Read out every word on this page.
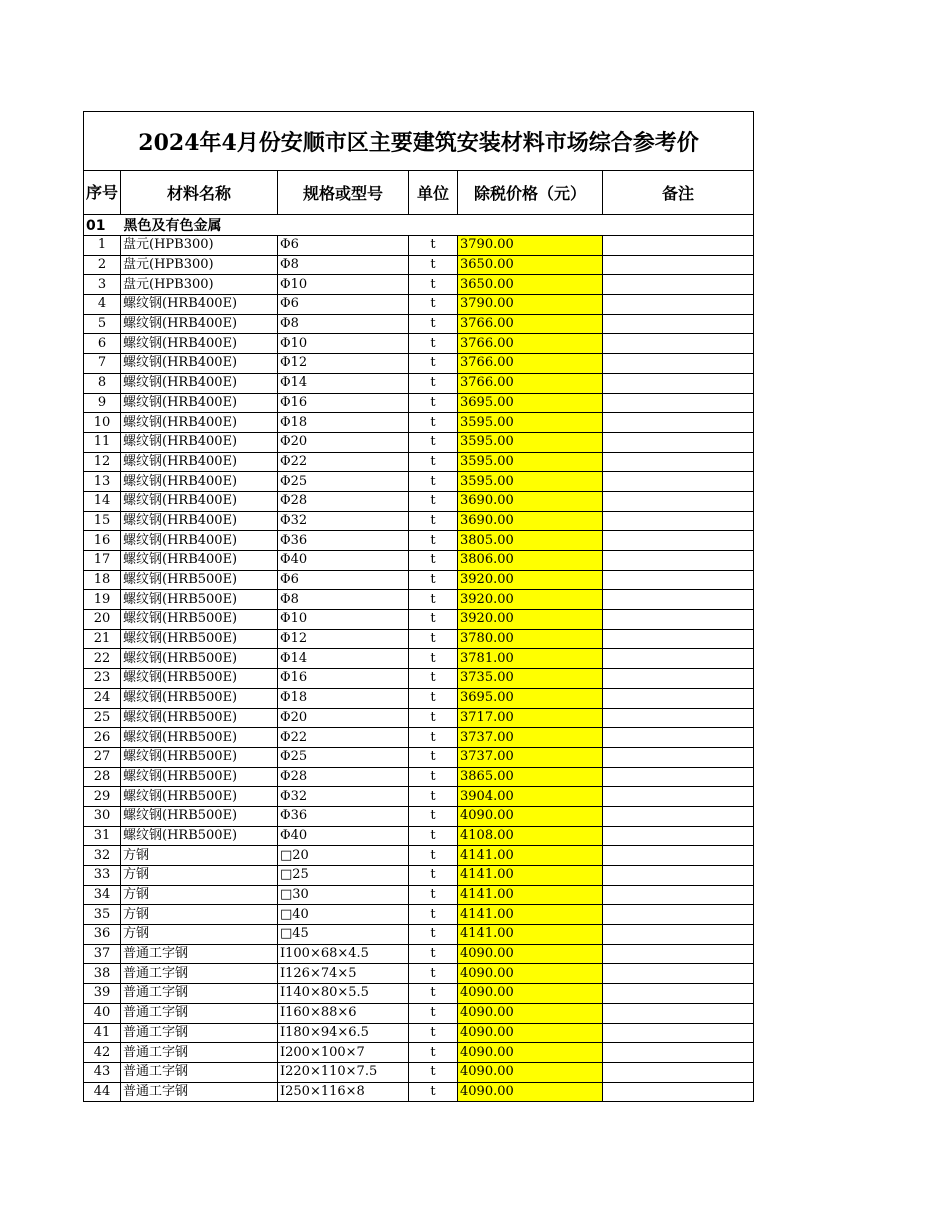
2024年4月份安顺市区主要建筑安装材料市场综合参考价					
序号	材料名称	规格或型号	单位	除税价格（元）	备注
01 黑色及有色金属					
1	盘元(HPB300)	Φ6	t	3790.00	
2	盘元(HPB300)	Φ8	t	3650.00	
3	盘元(HPB300)	Φ10	t	3650.00	
4	螺纹钢(HRB400E)	Φ6	t	3790.00	
5	螺纹钢(HRB400E)	Φ8	t	3766.00	
6	螺纹钢(HRB400E)	Φ10	t	3766.00	
7	螺纹钢(HRB400E)	Φ12	t	3766.00	
8	螺纹钢(HRB400E)	Φ14	t	3766.00	
9	螺纹钢(HRB400E)	Φ16	t	3695.00	
10	螺纹钢(HRB400E)	Φ18	t	3595.00	
11	螺纹钢(HRB400E)	Φ20	t	3595.00	
12	螺纹钢(HRB400E)	Φ22	t	3595.00	
13	螺纹钢(HRB400E)	Φ25	t	3595.00	
14	螺纹钢(HRB400E)	Φ28	t	3690.00	
15	螺纹钢(HRB400E)	Φ32	t	3690.00	
16	螺纹钢(HRB400E)	Φ36	t	3805.00	
17	螺纹钢(HRB400E)	Φ40	t	3806.00	
18	螺纹钢(HRB500E)	Φ6	t	3920.00	
19	螺纹钢(HRB500E)	Φ8	t	3920.00	
20	螺纹钢(HRB500E)	Φ10	t	3920.00	
21	螺纹钢(HRB500E)	Φ12	t	3780.00	
22	螺纹钢(HRB500E)	Φ14	t	3781.00	
23	螺纹钢(HRB500E)	Φ16	t	3735.00	
24	螺纹钢(HRB500E)	Φ18	t	3695.00	
25	螺纹钢(HRB500E)	Φ20	t	3717.00	
26	螺纹钢(HRB500E)	Φ22	t	3737.00	
27	螺纹钢(HRB500E)	Φ25	t	3737.00	
28	螺纹钢(HRB500E)	Φ28	t	3865.00	
29	螺纹钢(HRB500E)	Φ32	t	3904.00	
30	螺纹钢(HRB500E)	Φ36	t	4090.00	
31	螺纹钢(HRB500E)	Φ40	t	4108.00	
32	方钢	□20	t	4141.00	
33	方钢	□25	t	4141.00	
34	方钢	□30	t	4141.00	
35	方钢	□40	t	4141.00	
36	方钢	□45	t	4141.00	
37	普通工字钢	I100×68×4.5	t	4090.00	
38	普通工字钢	I126×74×5	t	4090.00	
39	普通工字钢	I140×80×5.5	t	4090.00	
40	普通工字钢	I160×88×6	t	4090.00	
41	普通工字钢	I180×94×6.5	t	4090.00	
42	普通工字钢	I200×100×7	t	4090.00	
43	普通工字钢	I220×110×7.5	t	4090.00	
44	普通工字钢	I250×116×8	t	4090.00	
